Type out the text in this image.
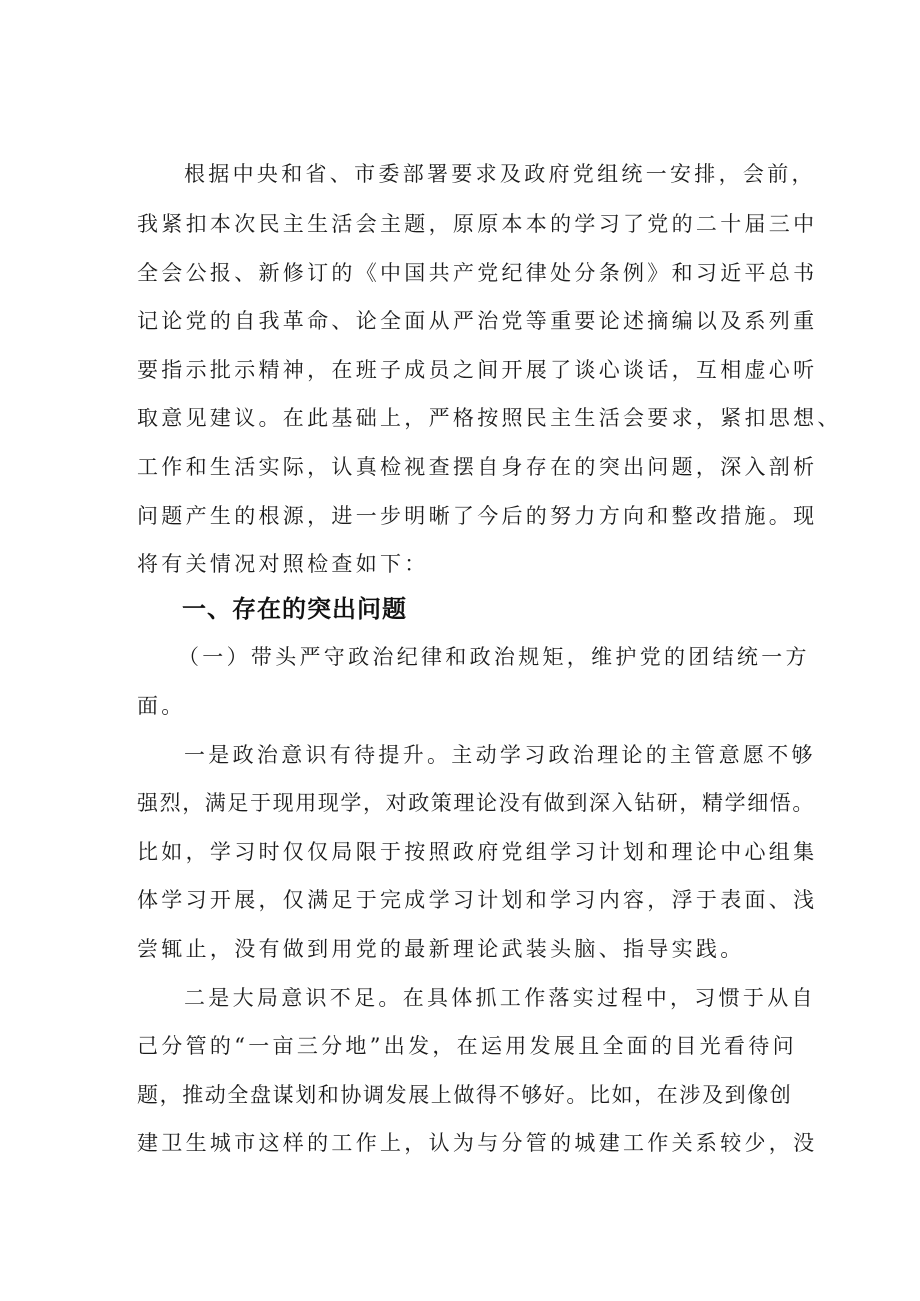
根据中央和省、市委部署要求及政府党组统一安排，会前，

我紧扣本次民主生活会主题，原原本本的学习了党的二十届三中

全会公报、新修订的《中国共产党纪律处分条例》和习近平总书

记论党的自我革命、论全面从严治党等重要论述摘编以及系列重

要指示批示精神，在班子成员之间开展了谈心谈话，互相虚心听

取意见建议。在此基础上，严格按照民主生活会要求，紧扣思想、

工作和生活实际，认真检视查摆自身存在的突出问题，深入剖析

问题产生的根源，进一步明晰了今后的努力方向和整改措施。现

将有关情况对照检查如下：

一、存在的突出问题

（一）带头严守政治纪律和政治规矩，维护党的团结统一方

面。

一是政治意识有待提升。主动学习政治理论的主管意愿不够

强烈，满足于现用现学，对政策理论没有做到深入钻研，精学细悟。

比如，学习时仅仅局限于按照政府党组学习计划和理论中心组集

体学习开展，仅满足于完成学习计划和学习内容，浮于表面、浅

尝辄止，没有做到用党的最新理论武装头脑、指导实践。

二是大局意识不足。在具体抓工作落实过程中，习惯于从自

己分管的“一亩三分地”出发，在运用发展且全面的目光看待问

题，推动全盘谋划和协调发展上做得不够好。比如，在涉及到像创

建卫生城市这样的工作上，认为与分管的城建工作关系较少，没
